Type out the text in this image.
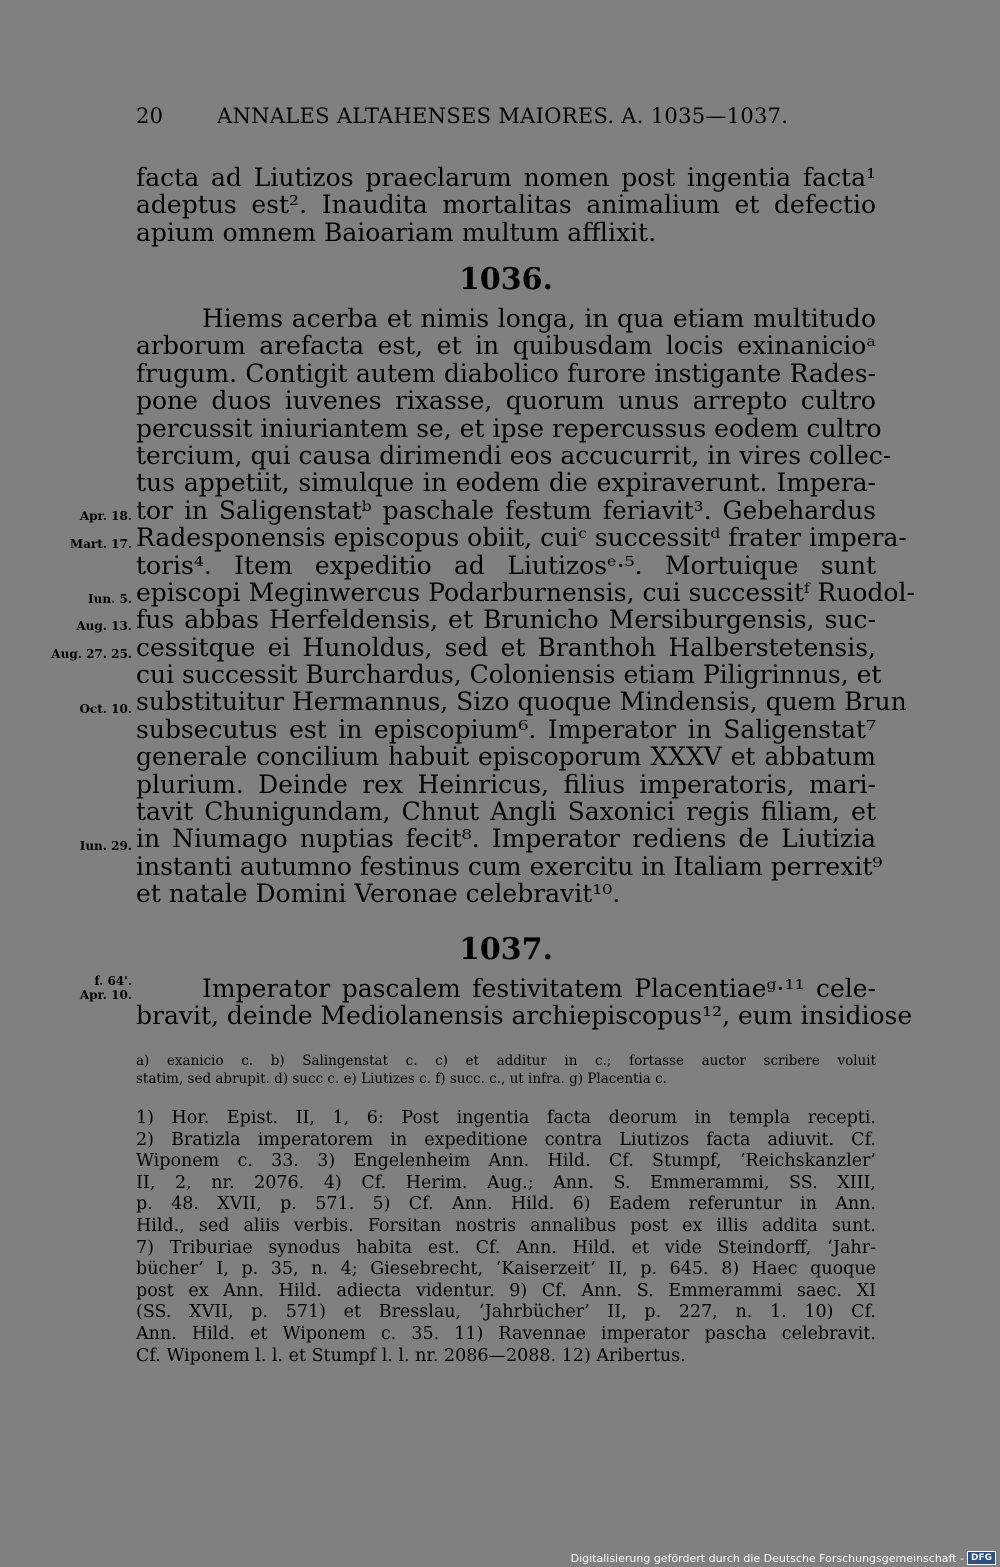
20	ANNALES ALTAHENSES MAIORES. A. 1035—1037.
facta ad Liutizos praeclarum nomen post ingentia facta¹
adeptus est². Inaudita mortalitas animalium et defectio
apium omnem Baioariam multum afflixit.
1036.
Hiems acerba et nimis longa, in qua etiam multitudo
arborum arefacta est, et in quibusdam locis exinanicioᵃ
frugum. Contigit autem diabolico furore instigante Rades-
pone duos iuvenes rixasse, quorum unus arrepto cultro
percussit iniuriantem se, et ipse repercussus eodem cultro
tercium, qui causa dirimendi eos accucurrit, in vires collec-
tus appetiit, simulque in eodem die expiraverunt. Impera-
tor in Saligenstatᵇ paschale festum feriavit³. Gebehardus
Radesponensis episcopus obiit, cuiᶜ successitᵈ frater impera-
toris⁴. Item expeditio ad Liutizosᵉ·⁵. Mortuique sunt
episcopi Meginwercus Podarburnensis, cui successitᶠ Ruodol-
fus abbas Herfeldensis, et Brunicho Mersiburgensis, suc-
cessitque ei Hunoldus, sed et Branthoh Halberstetensis,
cui successit Burchardus, Coloniensis etiam Piligrinnus, et
substituitur Hermannus, Sizo quoque Mindensis, quem Brun
subsecutus est in episcopium⁶. Imperator in Saligenstat⁷
generale concilium habuit episcoporum XXXV et abbatum
plurium. Deinde rex Heinricus, filius imperatoris, mari-
tavit Chunigundam, Chnut Angli Saxonici regis filiam, et
in Niumago nuptias fecit⁸. Imperator rediens de Liutizia
instanti autumno festinus cum exercitu in Italiam perrexit⁹
et natale Domini Veronae celebravit¹⁰.
Apr. 18.
Mart. 17.
Iun. 5.
Aug. 13.
Aug. 27. 25.
Oct. 10.
Iun. 29.
1037.
f. 64'.
Apr. 10.	Imperator pascalem festivitatem Placentiaeᵍ·¹¹ cele-
bravit, deinde Mediolanensis archiepiscopus¹², eum insidiose
a) exanicio c. b) Salingenstat c. c) et additur in c.; fortasse auctor scribere voluit
statim, sed abrupit. d) succ c. e) Liutizes c. f) succ. c., ut infra. g) Placentia c.
1) Hor. Epist. II, 1, 6: Post ingentia facta deorum in templa recepti.
2) Bratizla imperatorem in expeditione contra Liutizos facta adiuvit. Cf.
Wiponem c. 33. 3) Engelenheim Ann. Hild. Cf. Stumpf, ‘Reichskanzler’
II, 2, nr. 2076. 4) Cf. Herim. Aug.; Ann. S. Emmerammi, SS. XIII,
p. 48. XVII, p. 571. 5) Cf. Ann. Hild. 6) Eadem referuntur in Ann.
Hild., sed aliis verbis. Forsitan nostris annalibus post ex illis addita sunt.
7) Triburiae synodus habita est. Cf. Ann. Hild. et vide Steindorff, ‘Jahr-
bücher’ I, p. 35, n. 4; Giesebrecht, ‘Kaiserzeit’ II, p. 645. 8) Haec quoque
post ex Ann. Hild. adiecta videntur. 9) Cf. Ann. S. Emmerammi saec. XI
(SS. XVII, p. 571) et Bresslau, ‘Jahrbücher’ II, p. 227, n. 1. 10) Cf.
Ann. Hild. et Wiponem c. 35. 11) Ravennae imperator pascha celebravit.
Cf. Wiponem l. l. et Stumpf l. l. nr. 2086—2088. 12) Aribertus.
Digitalisierung gefördert durch die Deutsche Forschungsgemeinschaft - DFG
